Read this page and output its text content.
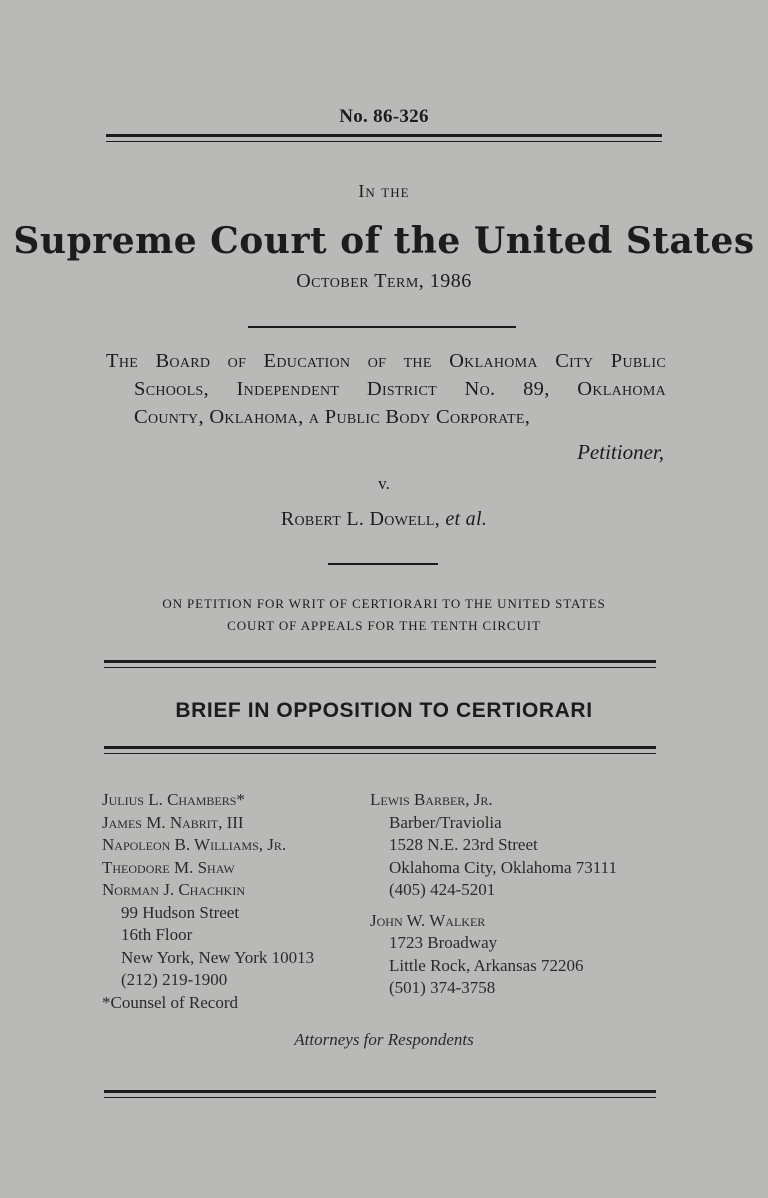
No. 86-326
In the
Supreme Court of the United States
October Term, 1986
The Board of Education of the Oklahoma City Public
Schools, Independent District No. 89, Oklahoma
County, Oklahoma, a Public Body Corporate,
Petitioner,
v.
Robert L. Dowell, et al.
ON PETITION FOR WRIT OF CERTIORARI TO THE UNITED STATES
COURT OF APPEALS FOR THE TENTH CIRCUIT
BRIEF IN OPPOSITION TO CERTIORARI
Julius L. Chambers*
James M. Nabrit, III
Napoleon B. Williams, Jr.
Theodore M. Shaw
Norman J. Chachkin
99 Hudson Street
16th Floor
New York, New York 10013
(212) 219-1900
*Counsel of Record
Lewis Barber, Jr.
Barber/Traviolia
1528 N.E. 23rd Street
Oklahoma City, Oklahoma 73111
(405) 424-5201
John W. Walker
1723 Broadway
Little Rock, Arkansas 72206
(501) 374-3758
Attorneys for Respondents
